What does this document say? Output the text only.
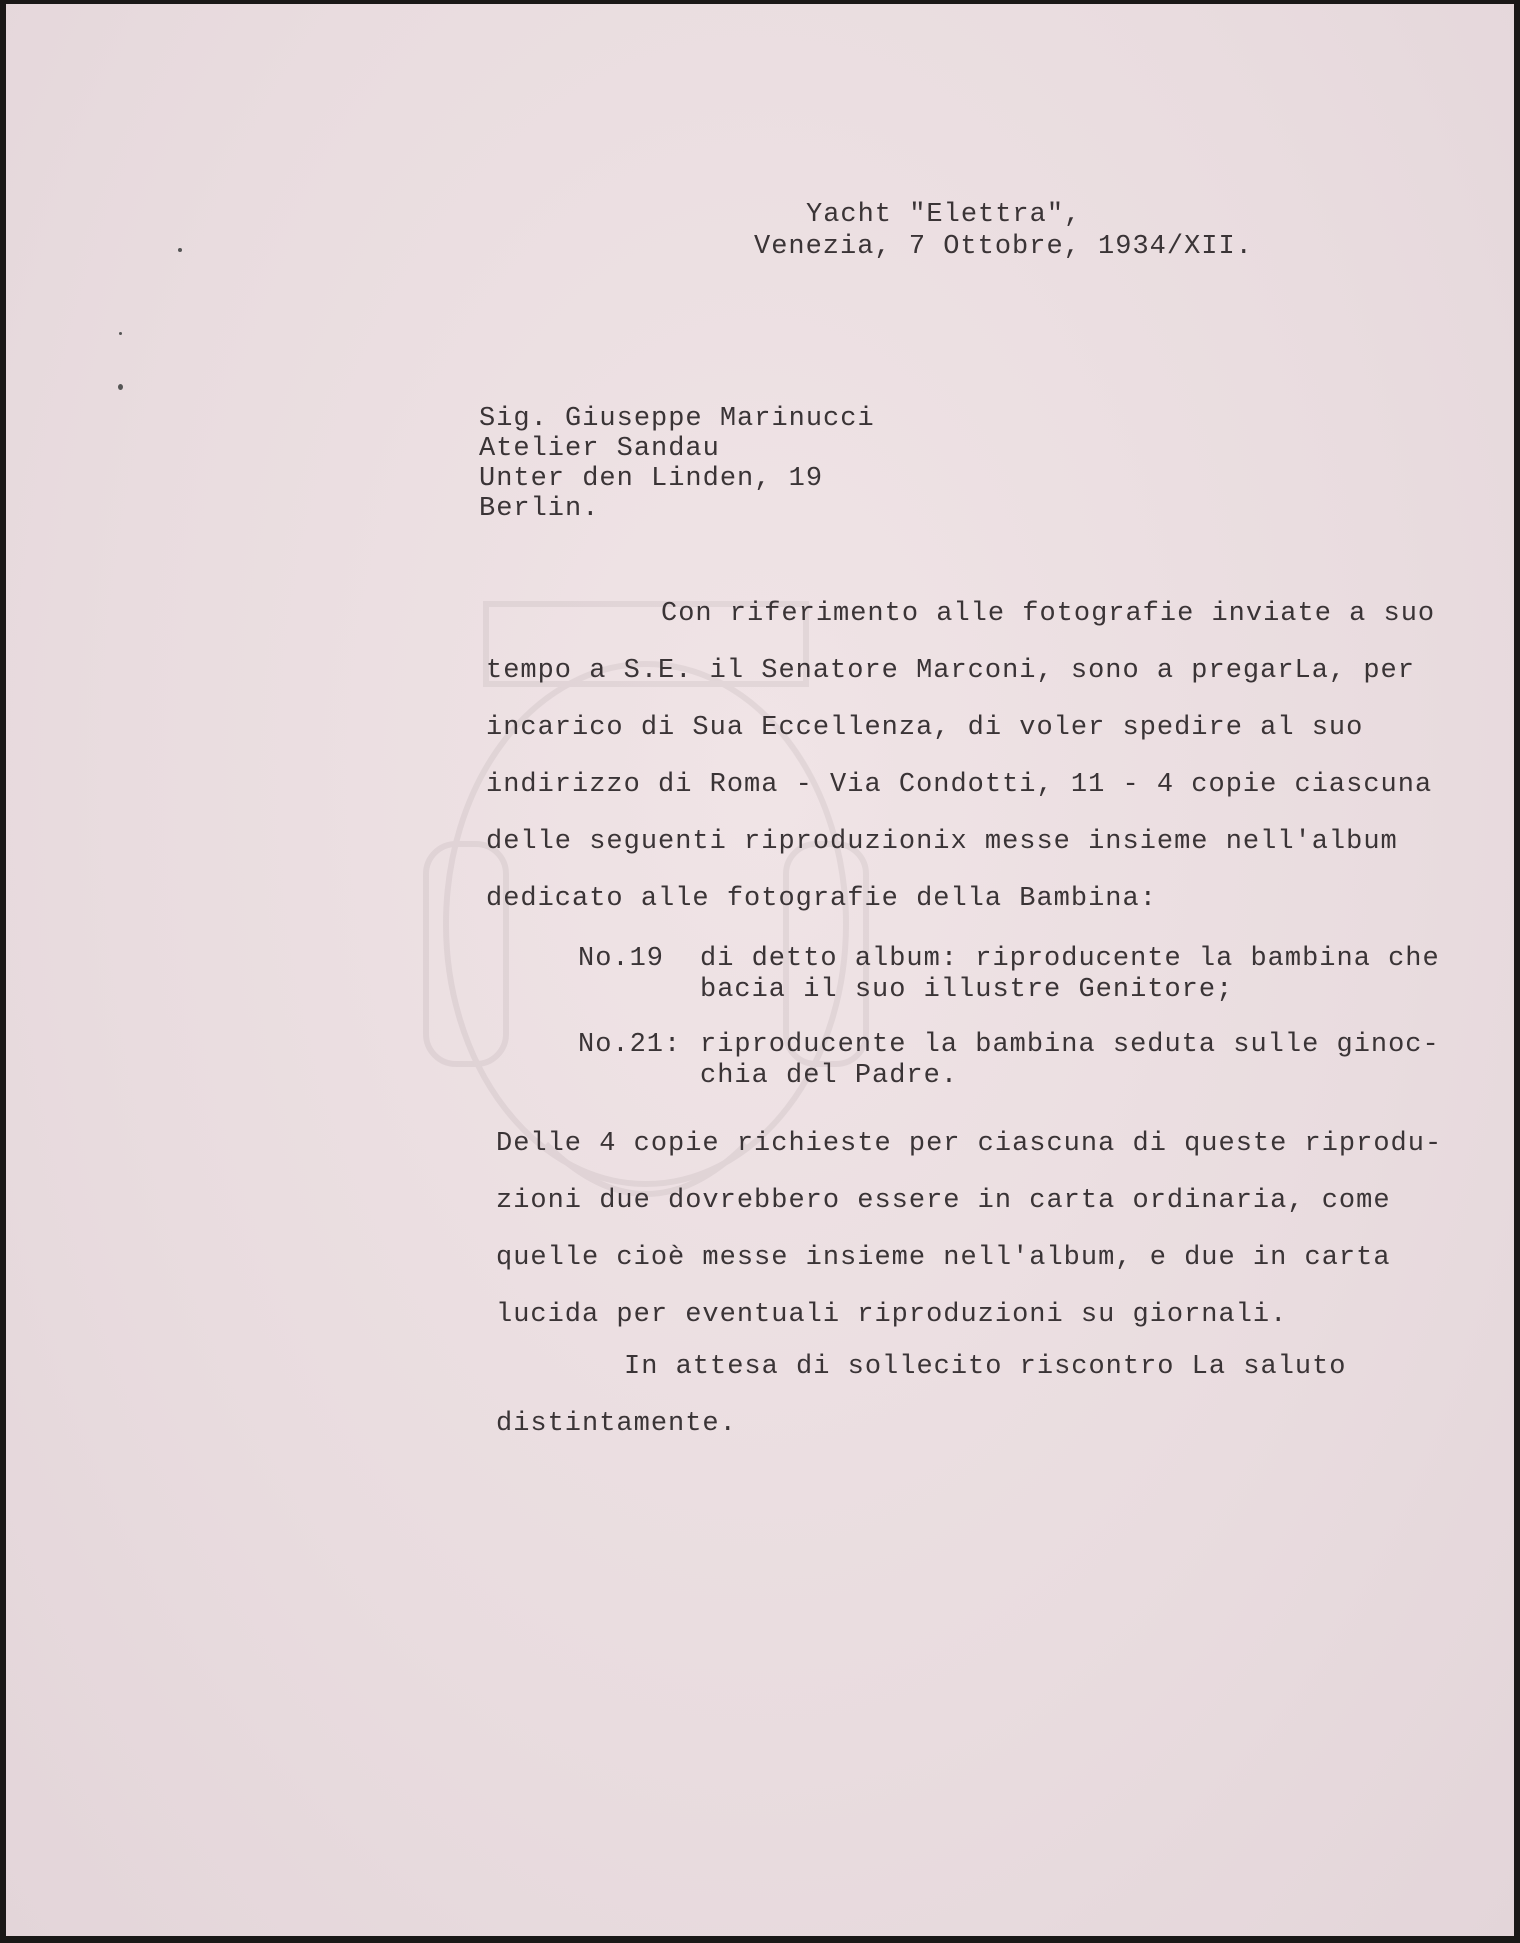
Yacht "Elettra",
Venezia, 7 Ottobre, 1934/XII.
Sig. Giuseppe Marinucci
Atelier Sandau
Unter den Linden, 19
Berlin.

Con riferimento alle fotografie inviate a suo

tempo a S.E. il Senatore Marconi, sono a pregarLa, per

incarico di Sua Eccellenza, di voler spedire al suo

indirizzo di Roma - Via Condotti, 11 - 4 copie ciascuna

delle seguenti riproduzionix messe insieme nell'album

dedicato alle fotografie della Bambina:

No.19	di detto album: riproducente la bambina che
bacia il suo illustre Genitore;
No.21: riproducente la bambina seduta sulle ginoc-
chia del Padre.

Delle 4 copie richieste per ciascuna di queste riprodu-

zioni due dovrebbero essere in carta ordinaria, come

quelle cioè messe insieme nell'album, e due in carta

lucida per eventuali riproduzioni su giornali.

In attesa di sollecito riscontro La saluto

distintamente.
